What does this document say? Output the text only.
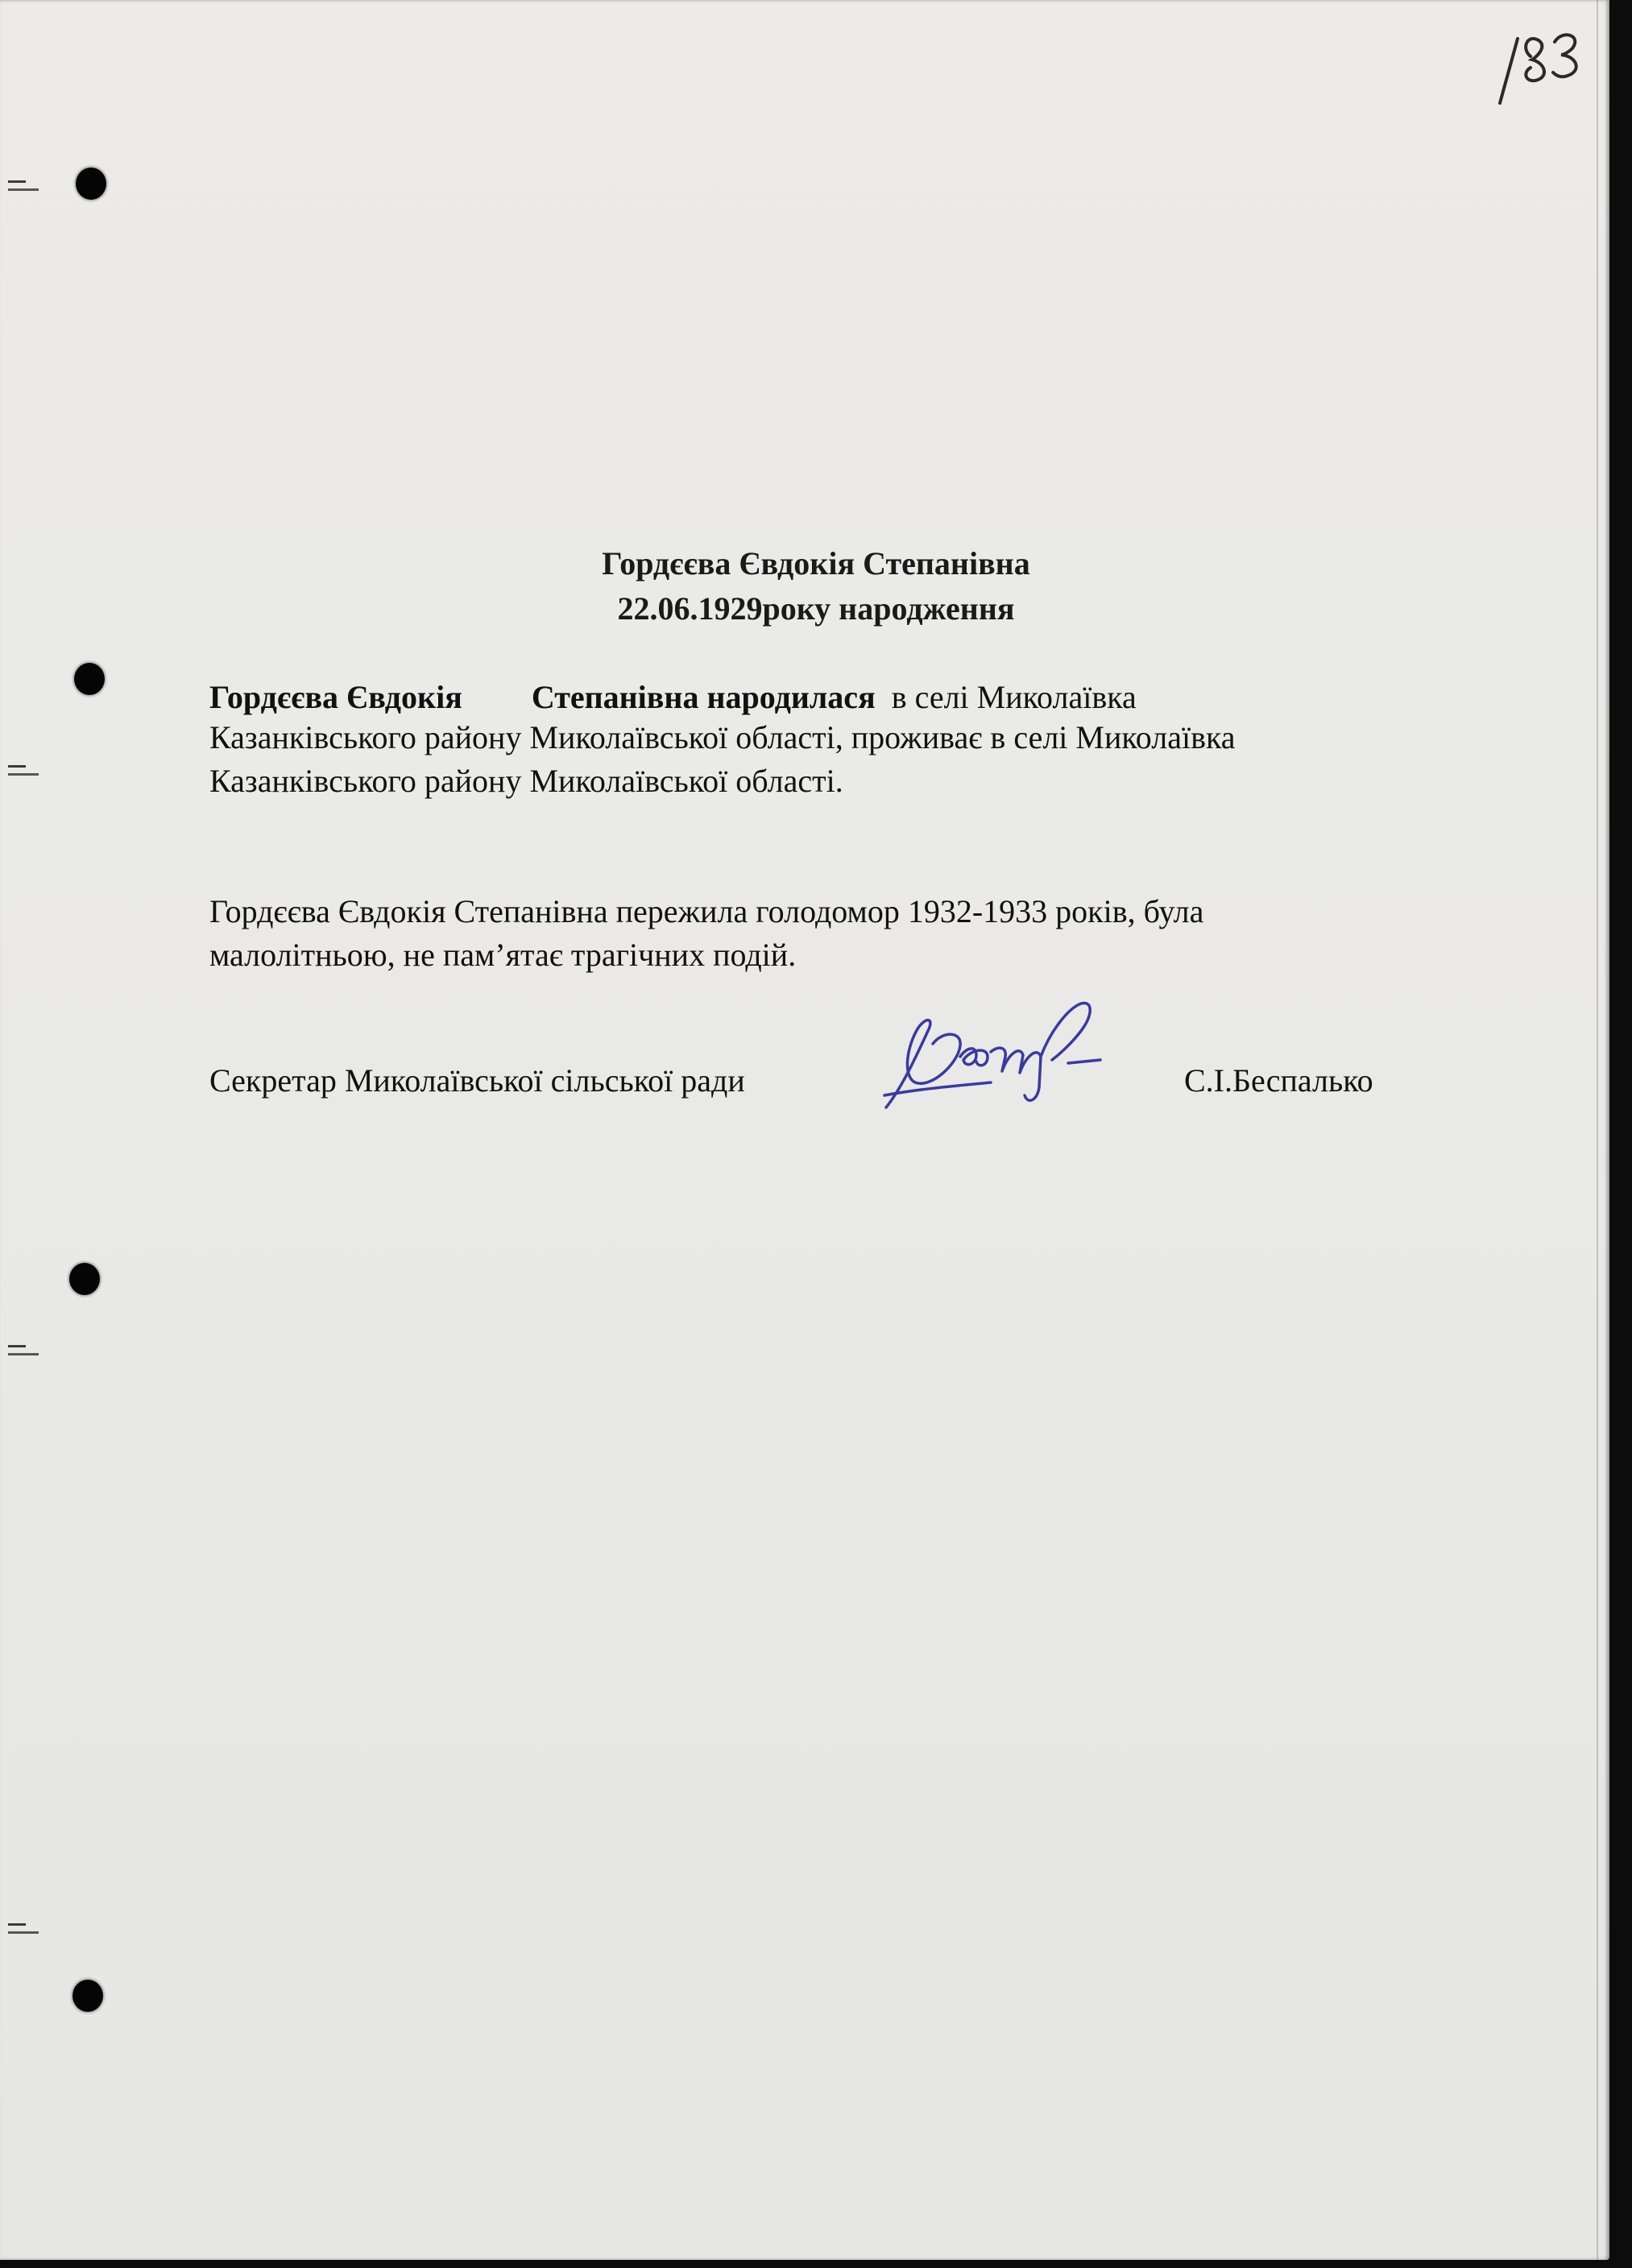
Гордєєва Євдокія Степанівна
22.06.1929року народження
Гордєєва Євдокія Степанівна народилася в селі Миколаївка
Казанківського району Миколаївської області, проживає в селі Миколаївка
Казанківського району Миколаївської області.
Гордєєва Євдокія Степанівна пережила голодомор 1932-1933 років, була
малолітньою, не пам’ятає трагічних подій.
Секретар Миколаївської сільської ради	С.І.Беспалько
